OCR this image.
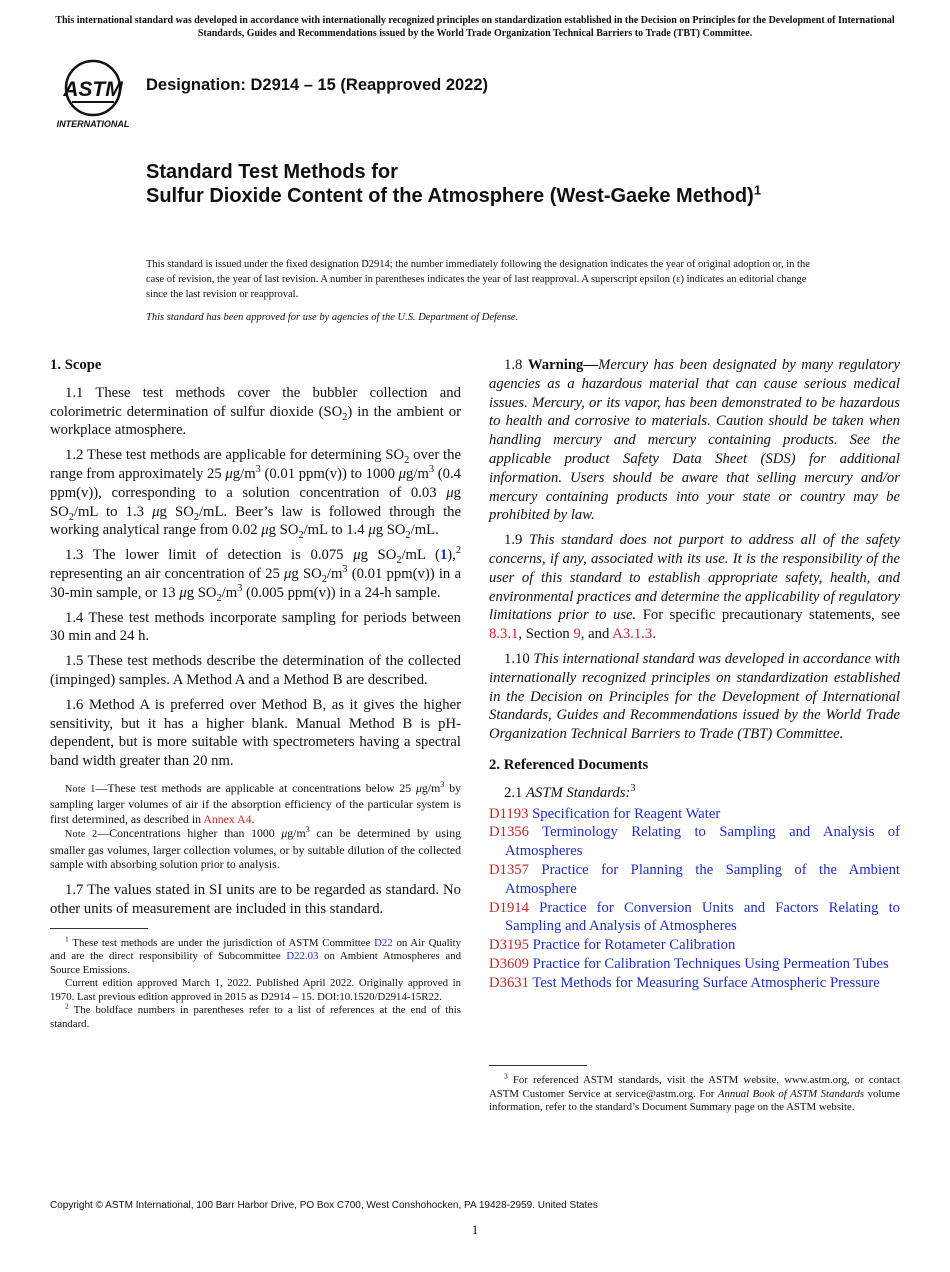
This international standard was developed in accordance with internationally recognized principles on standardization established in the Decision on Principles for the Development of International Standards, Guides and Recommendations issued by the World Trade Organization Technical Barriers to Trade (TBT) Committee.
ASTM
INTERNATIONAL
Designation: D2914 – 15 (Reapproved 2022)
Standard Test Methods for
Sulfur Dioxide Content of the Atmosphere (West-Gaeke Method)$^1$
This standard is issued under the fixed designation D2914; the number immediately following the designation indicates the year of original adoption or, in the case of revision, the year of last revision. A number in parentheses indicates the year of last reapproval. A superscript epsilon (ε) indicates an editorial change since the last revision or reapproval.
This standard has been approved for use by agencies of the U.S. Department of Defense.
1. Scope

1.1 These test methods cover the bubbler collection and colorimetric determination of sulfur dioxide $(SO_2)$ in the ambient or workplace atmosphere.

1.2 These test methods are applicable for determining $SO_2$ over the range from approximately 25 $\mu g/m^3$ (0.01 ppm(v)) to 1000 $\mu g/m^3$ (0.4 ppm(v)), corresponding to a solution concentration of 0.03 μg $SO_2/mL$ to 1.3 μg $SO_2/mL$. Beer’s law is followed through the working analytical range from 0.02 μg $SO_2/mL$ to 1.4 μg $SO_2/mL$.

1.3 The lower limit of detection is 0.075 μg $SO_2/mL$ (1),$^2$ representing an air concentration of 25 μg $SO_2/m^3$ (0.01 ppm(v)) in a 30-min sample, or 13 μg $SO_2/m^3$ (0.005 ppm(v)) in a 24-h sample.

1.4 These test methods incorporate sampling for periods between 30 min and 24 h.

1.5 These test methods describe the determination of the collected (impinged) samples. A Method A and a Method B are described.

1.6 Method A is preferred over Method B, as it gives the higher sensitivity, but it has a higher blank. Manual Method B is pH-dependent, but is more suitable with spectrometers having a spectral band width greater than 20 nm.

Note 1—These test methods are applicable at concentrations below 25 $\mu g/m^3$ by sampling larger volumes of air if the absorption efficiency of the particular system is first determined, as described in Annex A4.

Note 2—Concentrations higher than 1000 $\mu g/m^3$ can be determined by using smaller gas volumes, larger collection volumes, or by suitable dilution of the collected sample with absorbing solution prior to analysis.

1.7 The values stated in SI units are to be regarded as standard. No other units of measurement are included in this standard.

$^1$ These test methods are under the jurisdiction of ASTM Committee D22 on Air Quality and are the direct responsibility of Subcommittee D22.03 on Ambient Atmospheres and Source Emissions.

Current edition approved March 1, 2022. Published April 2022. Originally approved in 1970. Last previous edition approved in 2015 as D2914 – 15. DOI:10.1520/D2914-15R22.

$^2$ The boldface numbers in parentheses refer to a list of references at the end of this standard.

1.8 Warning—Mercury has been designated by many regulatory agencies as a hazardous material that can cause serious medical issues. Mercury, or its vapor, has been demonstrated to be hazardous to health and corrosive to materials. Caution should be taken when handling mercury and mercury containing products. See the applicable product Safety Data Sheet (SDS) for additional information. Users should be aware that selling mercury and/or mercury containing products into your state or country may be prohibited by law.

1.9 This standard does not purport to address all of the safety concerns, if any, associated with its use. It is the responsibility of the user of this standard to establish appropriate safety, health, and environmental practices and determine the applicability of regulatory limitations prior to use. For specific precautionary statements, see 8.3.1, Section 9, and A3.1.3.

1.10 This international standard was developed in accordance with internationally recognized principles on standardization established in the Decision on Principles for the Development of International Standards, Guides and Recommendations issued by the World Trade Organization Technical Barriers to Trade (TBT) Committee.

2. Referenced Documents

2.1 ASTM Standards:$^3$

D1193 Specification for Reagent Water
D1356 Terminology Relating to Sampling and Analysis of Atmospheres
D1357 Practice for Planning the Sampling of the Ambient Atmosphere
D1914 Practice for Conversion Units and Factors Relating to Sampling and Analysis of Atmospheres
D3195 Practice for Rotameter Calibration
D3609 Practice for Calibration Techniques Using Permeation Tubes
D3631 Test Methods for Measuring Surface Atmospheric Pressure

$^3$ For referenced ASTM standards, visit the ASTM website, www.astm.org, or contact ASTM Customer Service at service@astm.org. For Annual Book of ASTM Standards volume information, refer to the standard’s Document Summary page on the ASTM website.

Copyright © ASTM International, 100 Barr Harbor Drive, PO Box C700, West Conshohocken, PA 19428-2959. United States
1
